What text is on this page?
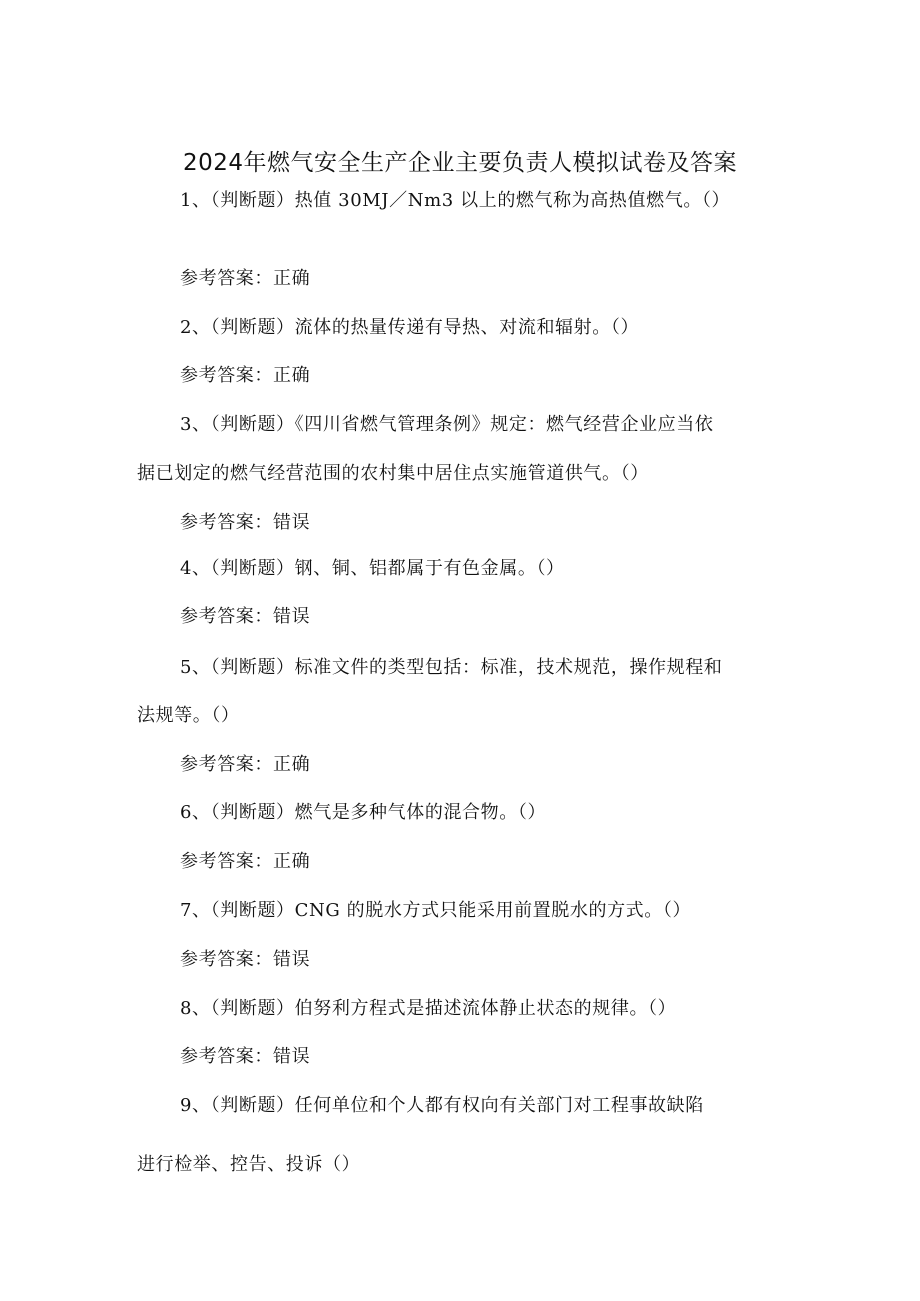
2024年燃气安全生产企业主要负责人模拟试卷及答案
1、（判断题）热值 30MJ／Nm3 以上的燃气称为高热值燃气。（）
参考答案：正确
2、（判断题）流体的热量传递有导热、对流和辐射。（）
参考答案：正确
3、（判断题）《四川省燃气管理条例》规定：燃气经营企业应当依
据已划定的燃气经营范围的农村集中居住点实施管道供气。（）
参考答案：错误
4、（判断题）钢、铜、铝都属于有色金属。（）
参考答案：错误
5、（判断题）标准文件的类型包括：标准，技术规范，操作规程和
法规等。（）
参考答案：正确
6、（判断题）燃气是多种气体的混合物。（）
参考答案：正确
7、（判断题）CNG 的脱水方式只能采用前置脱水的方式。（）
参考答案：错误
8、（判断题）伯努利方程式是描述流体静止状态的规律。（）
参考答案：错误
9、（判断题）任何单位和个人都有权向有关部门对工程事故缺陷
进行检举、控告、投诉（）
